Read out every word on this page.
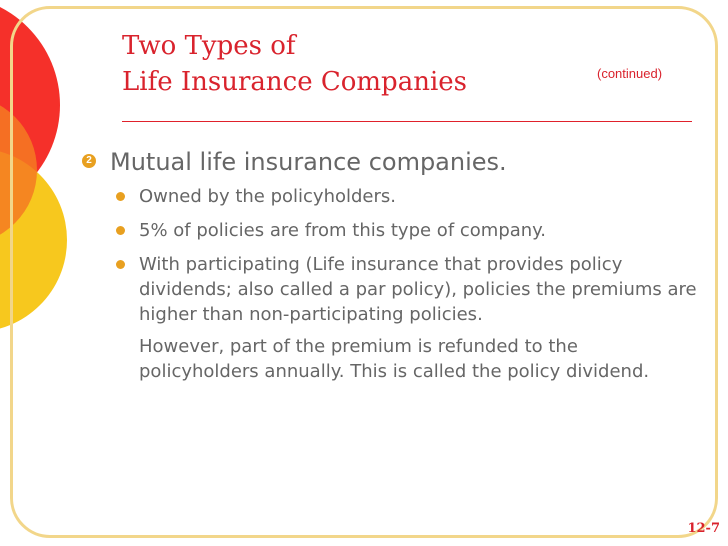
Two Types of
Life Insurance Companies	(continued)

2 Mutual life insurance companies.

Owned by the policyholders.
5% of policies are from this type of company.
With participating (Life insurance that provides policy dividends; also called a par policy), policies the premiums are higher than non-participating policies.
However, part of the premium is refunded to the policyholders annually. This is called the policy dividend.
12-7
